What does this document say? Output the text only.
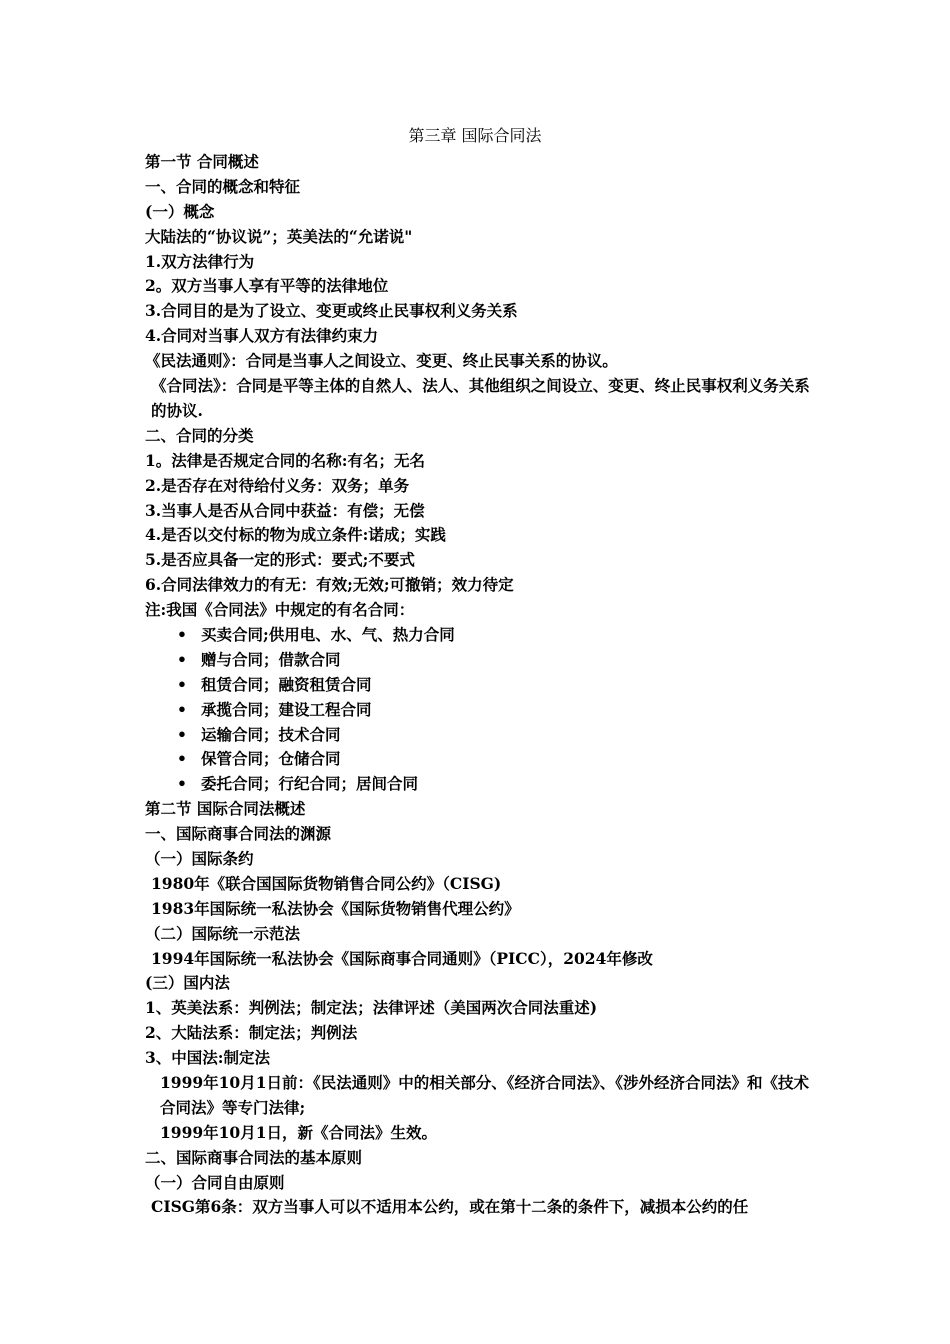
第三章 国际合同法
第一节 合同概述
一、合同的概念和特征
(一）概念
大陆法的“协议说”；英美法的“允诺说"
1.双方法律行为
2。双方当事人享有平等的法律地位
3.合同目的是为了设立、变更或终止民事权利义务关系
4.合同对当事人双方有法律约束力
《民法通则》：合同是当事人之间设立、变更、终止民事关系的协议。
《合同法》：合同是平等主体的自然人、法人、其他组织之间设立、变更、终止民事权利义务关系的协议.
二、合同的分类
1。法律是否规定合同的名称:有名；无名
2.是否存在对待给付义务：双务；单务
3.当事人是否从合同中获益：有偿；无偿
4.是否以交付标的物为成立条件:诺成；实践
5.是否应具备一定的形式：要式;不要式
6.合同法律效力的有无：有效;无效;可撤销；效力待定
注:我国《合同法》中规定的有名合同：
• 买卖合同;供用电、水、气、热力合同
• 赠与合同；借款合同
• 租赁合同；融资租赁合同
• 承揽合同；建设工程合同
• 运输合同；技术合同
• 保管合同；仓储合同
• 委托合同；行纪合同；居间合同
第二节 国际合同法概述
一、国际商事合同法的渊源
（一）国际条约
1980年《联合国国际货物销售合同公约》（CISG)
1983年国际统一私法协会《国际货物销售代理公约》
（二）国际统一示范法
1994年国际统一私法协会《国际商事合同通则》（PICC），2024年修改
(三）国内法
1、英美法系：判例法；制定法；法律评述（美国两次合同法重述)
2、大陆法系：制定法；判例法
3、中国法:制定法
1999年10月1日前：《民法通则》中的相关部分、《经济合同法》、《涉外经济合同法》和《技术合同法》等专门法律;
1999年10月1日，新《合同法》生效。
二、国际商事合同法的基本原则
（一）合同自由原则
CISG第6条：双方当事人可以不适用本公约，或在第十二条的条件下，减损本公约的任
